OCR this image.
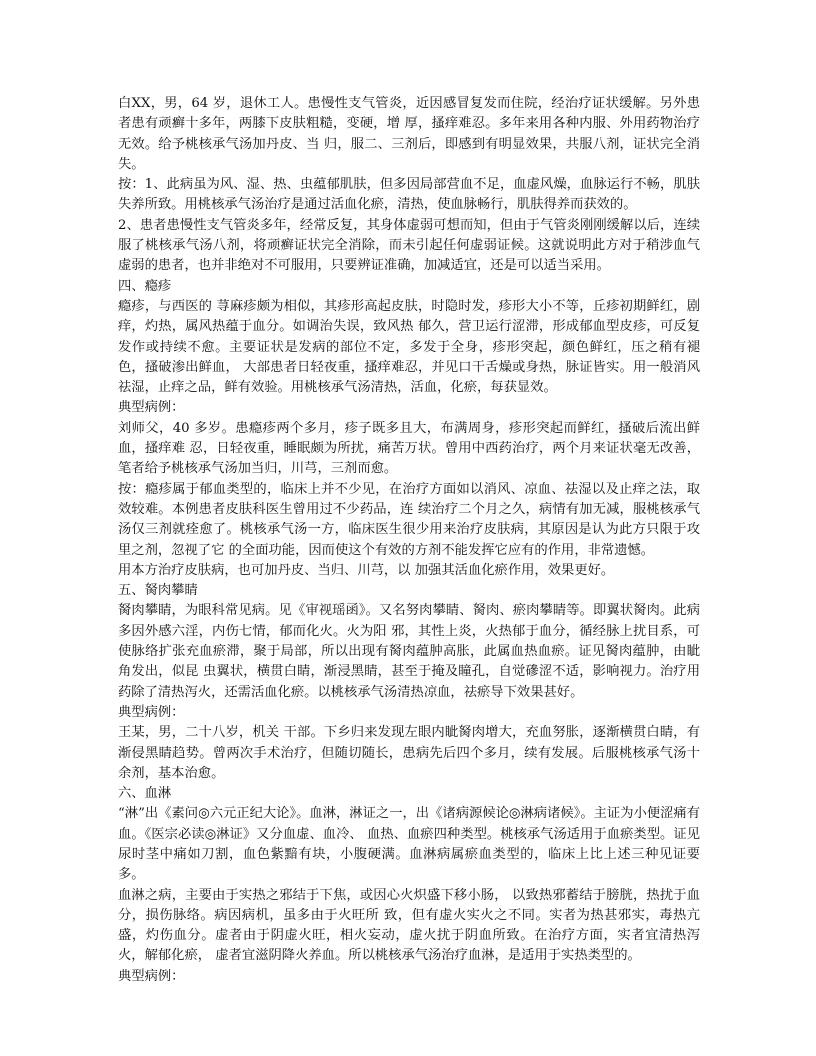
白XX，男，64 岁，退休工人。患慢性支气管炎，近因感冒复发而住院，经治疗证状缓解。另外患者患有顽癣十多年，两膝下皮肤粗糙，变硬，增 厚，搔痒难忍。多年来用各种内服、外用药物治疗无效。给予桃核承气汤加丹皮、当 归，服二、三剂后，即感到有明显效果，共服八剂，证状完全消失。

按：1、此病虽为风、湿、热、虫蕴郁肌肤，但多因局部营血不足，血虚风燥，血脉运行不畅，肌肤失养所致。用桃核承气汤治疗是通过活血化瘀，清热，使血脉畅行，肌肤得养而获效的。

2、患者患慢性支气管炎多年，经常反复，其身体虚弱可想而知，但由于气管炎刚刚缓解以后，连续服了桃核承气汤八剂，将顽癣证状完全消除，而未引起任何虚弱证候。这就说明此方对于稍涉血气虚弱的患者，也并非绝对不可服用，只要辨证准确，加减适宜，还是可以适当采用。

四、瘾疹

瘾疹，与西医的 荨麻疹颇为相似，其疹形高起皮肤，时隐时发，疹形大小不等，丘疹初期鲜红，剧痒，灼热，属风热蕴于血分。如调治失误，致风热 郁久，营卫运行涩滞，形成郁血型皮疹，可反复发作或持续不愈。主要证状是发病的部位不定，多发于全身，疹形突起，颜色鲜红，压之稍有褪色，搔破渗出鲜血， 大部患者日轻夜重，搔痒难忍，并见口干舌燥或身热，脉证皆实。用一般消风祛湿，止痒之品，鲜有效验。用桃核承气汤清热，活血，化瘀，每获显效。

典型病例：

刘师父，40 多岁。患瘾疹两个多月，疹子既多且大，布满周身，疹形突起而鲜红，搔破后流出鲜血，搔痒难 忍，日轻夜重，睡眠颇为所扰，痛苦万状。曾用中西药治疗，两个月来证状毫无改善，笔者给予桃核承气汤加当归，川芎，三剂而愈。

按：瘾疹属于郁血类型的，临床上并不少见，在治疗方面如以消风、凉血、祛湿以及止痒之法，取效较难。本例患者皮肤科医生曾用过不少药品，连 续治疗二个月之久，病情有加无减，服桃核承气汤仅三剂就痊愈了。桃核承气汤一方，临床医生很少用来治疗皮肤病，其原因是认为此方只限于攻里之剂，忽视了它 的全面功能，因而使这个有效的方剂不能发挥它应有的作用，非常遗憾。

用本方治疗皮肤病，也可加丹皮、当归、川芎，以 加强其活血化瘀作用，效果更好。

五、胬肉攀睛

胬肉攀睛，为眼科常见病。见《审视瑶函》。又名努肉攀睛、胬肉、瘀肉攀睛等。即翼状胬肉。此病多因外感六淫，内伤七情，郁而化火。火为阳 邪，其性上炎，火热郁于血分，循经脉上扰目系，可使脉络扩张充血瘀滞，聚于局部，所以出现有胬肉蕴肿高胀，此属血热血瘀。证见胬肉蕴肿，由眦角发出，似昆 虫翼状，横贯白睛，渐浸黑睛，甚至于掩及瞳孔，自觉磣涩不适，影响视力。治疗用药除了清热泻火，还需活血化瘀。以桃核承气汤清热凉血，祛瘀导下效果甚好。

典型病例：

王某，男，二十八岁，机关 干部。下乡归来发现左眼内眦胬肉增大，充血努胀，逐渐横贯白睛，有渐侵黑睛趋势。曾两次手术治疗，但随切随长，患病先后四个多月，续有发展。后服桃核承气汤十余剂，基本治愈。

六、血淋

“淋”出《素问◎六元正纪大论》。血淋，淋证之一，出《诸病源候论◎淋病诸候》。主证为小便涩痛有血。《医宗必读◎淋证》又分血虚、血冷、 血热、血瘀四种类型。桃核承气汤适用于血瘀类型。证见尿时茎中痛如刀割，血色紫黯有块，小腹硬满。血淋病属瘀血类型的，临床上比上述三种见证要多。

血淋之病，主要由于实热之邪结于下焦，或因心火炽盛下移小肠， 以致热邪蓄结于膀胱，热扰于血分，损伤脉络。病因病机，虽多由于火旺所 致，但有虚火实火之不同。实者为热甚邪实，毒热亢盛，灼伤血分。虚者由于阴虚火旺，相火妄动，虚火扰于阴血所致。在治疗方面，实者宜清热泻火，解郁化瘀， 虚者宜滋阴降火养血。所以桃核承气汤治疗血淋，是适用于实热类型的。

典型病例：
